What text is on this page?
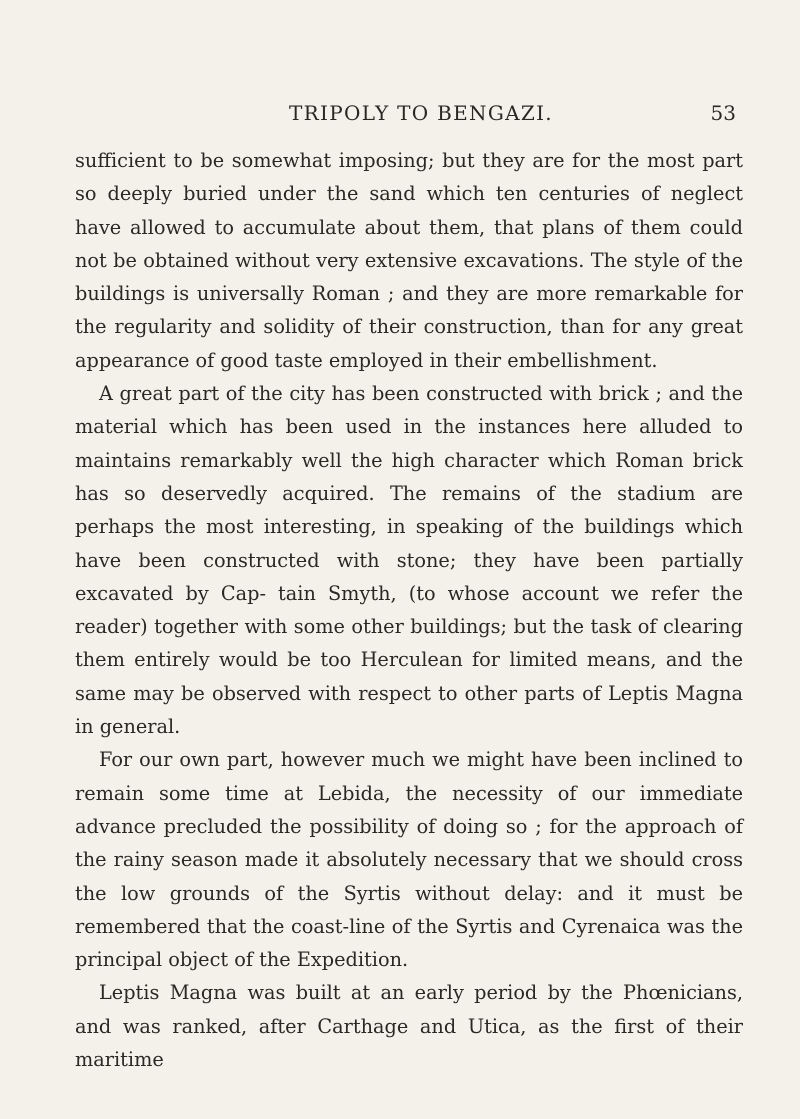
TRIPOLY TO BENGAZI.	53

sufficient to be somewhat imposing; but they are for the most part so deeply buried under the sand which ten centuries of neglect have allowed to accumulate about them, that plans of them could not be obtained without very extensive excavations. The style of the buildings is universally Roman ; and they are more remarkable for the regularity and solidity of their construction, than for any great appearance of good taste employed in their embellishment.

A great part of the city has been constructed with brick ; and the material which has been used in the instances here alluded to maintains remarkably well the high character which Roman brick has so deservedly acquired. The remains of the stadium are perhaps the most interesting, in speaking of the buildings which have been constructed with stone; they have been partially excavated by Cap- tain Smyth, (to whose account we refer the reader) together with some other buildings; but the task of clearing them entirely would be too Herculean for limited means, and the same may be observed with respect to other parts of Leptis Magna in general.

For our own part, however much we might have been inclined to remain some time at Lebida, the necessity of our immediate advance precluded the possibility of doing so ; for the approach of the rainy season made it absolutely necessary that we should cross the low grounds of the Syrtis without delay: and it must be remembered that the coast-line of the Syrtis and Cyrenaica was the principal object of the Expedition.

Leptis Magna was built at an early period by the Phœnicians, and was ranked, after Carthage and Utica, as the first of their maritime
